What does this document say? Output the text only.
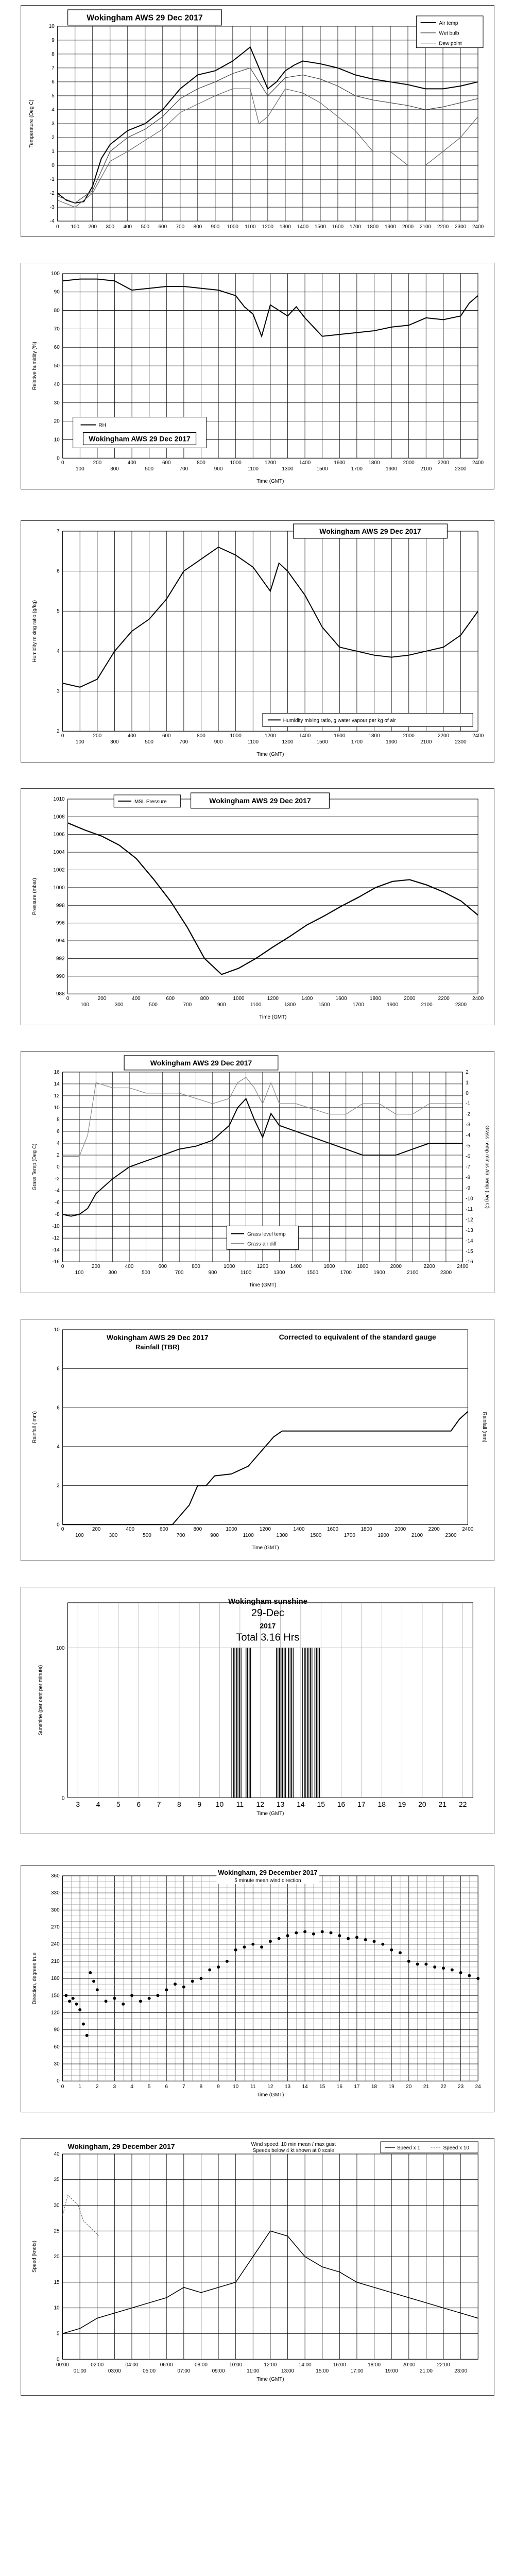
10
9
8
7
6
5
4
3
2
1
0
-1
-2
-3
-4
0 100 200 300 400 500 600 700 800 900 1000 1100 1200 1300 1400 1500 1600 1700 1800 1900 2000 2100 2200 2300 2400
Wokingham AWS 29 Dec 2017
Temperature (Deg C)
Air temp
Wet bulb
Dew point
100
90
80
70
60
50
40
30
20
10
0
0	200	400	600	800	1000	1200	1400	1600	1800	2000	2200	2400
100	300	500	700	900	1100	1300	1500	1700	1900	2100	2300
Time (GMT)
Relative humidity (%)
RH
Wokingham AWS 29 Dec 2017
7
6
5
4
3
2
0	200	400	600	800	1000	1200	1400	1600	1800	2000	2200	2400
100	300	500	700	900	1100	1300	1500	1700	1900	2100	2300
Time (GMT)
Humidity mixing ratio (g/kg)
Wokingham AWS 29 Dec 2017
Humidity mixing ratio, g water vapour per kg of air
1010
1008
1006
1004
1002
1000
998
996
994
992
990
988
0	200	400	600	800	1000	1200	1400	1600	1800	2000	2200	2400
100	300	500	700	900	1100	1300	1500	1700	1900	2100	2300
Time (GMT)
Pressure (mbar)
MSL Pressure	Wokingham AWS 29 Dec 2017
16
14
12
10
8
6
4
2
0
-2
-4
-6
-8
-10
-12
-14
-16
2
1
0
-1
-2
-3
-4
-5
-6
-7
-8
-9
-10
-11
-12
-13
-14
-15
-16
0	200	400	600	800	1000	1200	1400	1600	1800	2000	2200	2400
100	300	500	700	900	1100	1300	1500	1700	1900	2100	2300
Time (GMT)
Grass Temp (Deg C)	Grass Temp minus Air Temp (Deg C)
Wokingham AWS 29 Dec 2017
Grass level temp
Grass-air diff
10
8
6
4
2
0
0	200	400	600	800	1000	1200	1400	1600	1800	2000	2200	2400
100	300	500	700	900	1100	1300	1500	1700	1900	2100	2300
Time (GMT)
Rainfall ( mm)	Rainfall (mm)
Wokingham AWS 29 Dec 2017
Rainfall (TBR)
Corrected to equivalent of the standard gauge
3 4 5 6 7 8 9 10 11 12 13 14 15 16 17 18 19 20 21 22
100
0
Time (GMT)
Sunshine (per cent per minute)
Wokingham sunshine
29-Dec
2017
Total 3.16 Hrs
360
330
300
270
240
210
180
150
120
90
60
30
0
0	1	2	3	4	5	6	7	8	9	10 11 12 13 14 15 16 17 18 19 20 21 22 23 24
Time (GMT)
Direction, degrees true
Wokingham, 29 December 2017
5 minute mean wind direction
40
35
30
25
20
15
10
5
0
00:00	02:00	04:00	06:00	08:00	10:00	12:00	14:00	16:00	18:00	20:00	22:00
01:00	03:00	05:00	07:00	09:00	11:00	13:00	15:00	17:00	19:00	21:00	23:00
Time (GMT)
Speed (knots)
Wokingham, 29 December 2017	Wind speed: 10 min mean / max gust
Speeds below 4 kt shown at 0 scale	Speed x 1	Speed x 10
